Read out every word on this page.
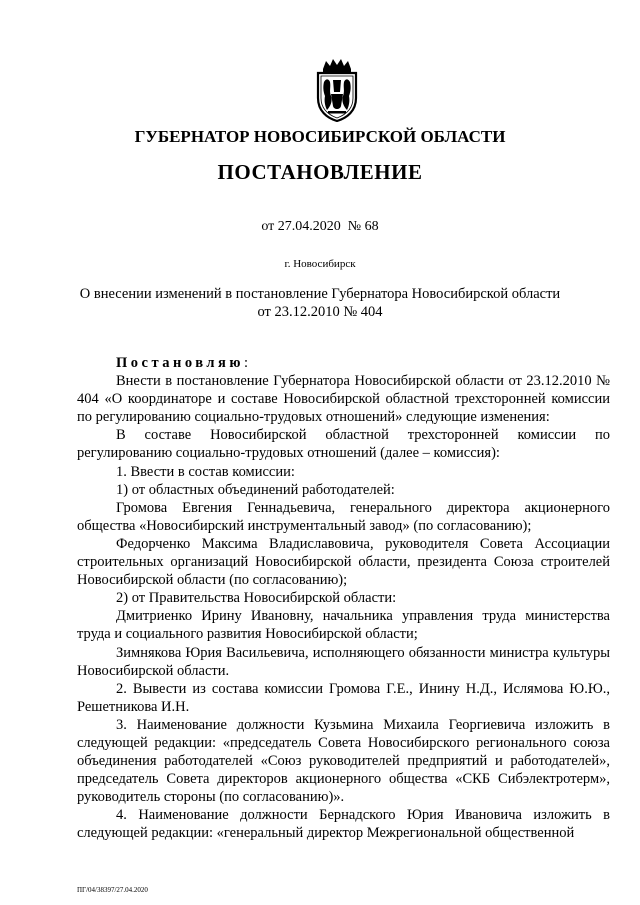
ГУБЕРНАТОР НОВОСИБИРСКОЙ ОБЛАСТИ
ПОСТАНОВЛЕНИЕ
от 27.04.2020  № 68
г. Новосибирск
О внесении изменений в постановление Губернатора Новосибирской области
от 23.12.2010 № 404

Постановляю:

Внести в постановление Губернатора Новосибирской области от 23.12.2010 № 404 «О координаторе и составе Новосибирской областной трехсторонней комиссии по регулированию социально-трудовых отношений» следующие изменения:

В составе Новосибирской областной трехсторонней комиссии по регулированию социально-трудовых отношений (далее – комиссия):

1. Ввести в состав комиссии:

1) от областных объединений работодателей:

Громова Евгения Геннадьевича, генерального директора акционерного общества «Новосибирский инструментальный завод» (по согласованию);

Федорченко Максима Владиславовича, руководителя Совета Ассоциации строительных организаций Новосибирской области, президента Союза строителей Новосибирской области (по согласованию);

2) от Правительства Новосибирской области:

Дмитриенко Ирину Ивановну, начальника управления труда министерства труда и социального развития Новосибирской области;

Зимнякова Юрия Васильевича, исполняющего обязанности министра культуры Новосибирской области.

2. Вывести из состава комиссии Громова Г.Е., Инину Н.Д., Ислямова Ю.Ю., Решетникова И.Н.

3. Наименование должности Кузьмина Михаила Георгиевича изложить в следующей редакции: «председатель Совета Новосибирского регионального союза объединения работодателей «Союз руководителей предприятий и работодателей», председатель Совета директоров акционерного общества «СКБ Сибэлектротерм», руководитель стороны (по согласованию)».

4. Наименование должности Бернадского Юрия Ивановича изложить в следующей редакции: «генеральный директор Межрегиональной общественной

ПГ/04/38397/27.04.2020
